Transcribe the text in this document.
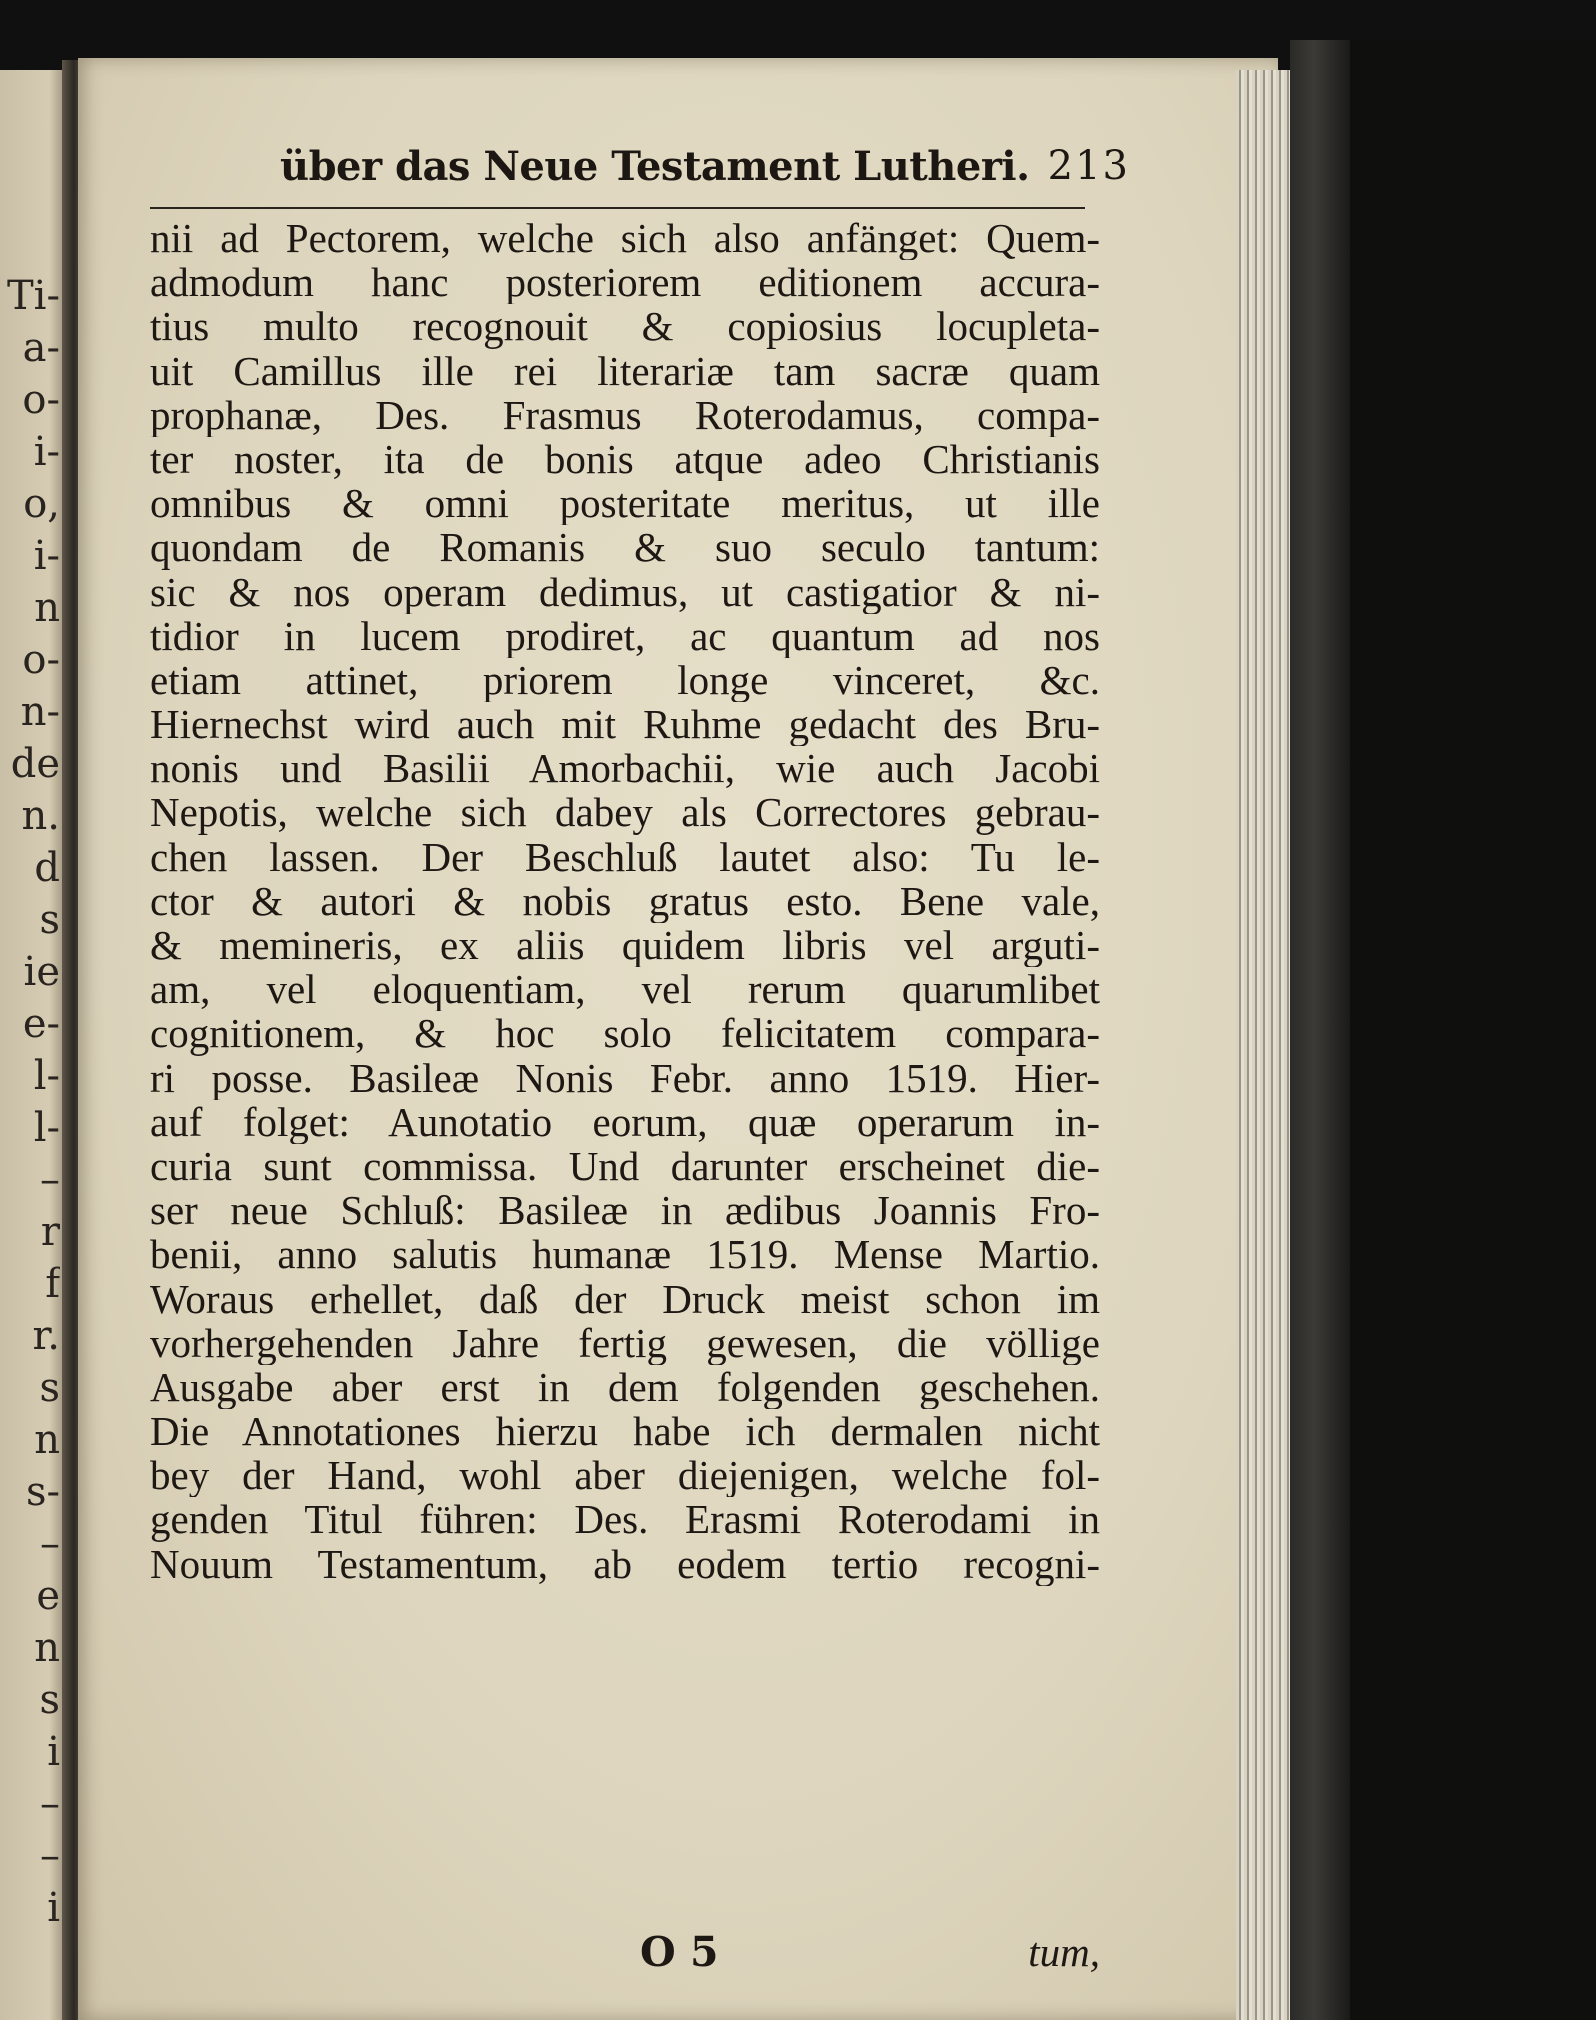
Ti-
a-
o-
i-
o,
i-
n
o-
n-
de
n.
d
s
ie
e-
l-
l-
–
r
f
r.
s
n
s-
–
e
n
s
i
–
–
i
über das Neue Testament Lutheri. 213
nii ad Pectorem, welche sich also anfänget: Quem-
admodum hanc posteriorem editionem accura-
tius multo recognouit & copiosius locupleta-
uit Camillus ille rei literariæ tam sacræ quam
prophanæ, Des. Frasmus Roterodamus, compa-
ter noster, ita de bonis atque adeo Christianis
omnibus & omni posteritate meritus, ut ille
quondam de Romanis & suo seculo tantum:
sic & nos operam dedimus, ut castigatior & ni-
tidior in lucem prodiret, ac quantum ad nos
etiam attinet, priorem longe vinceret, &c.
Hiernechst wird auch mit Ruhme gedacht des Bru-
nonis und Basilii Amorbachii, wie auch Jacobi
Nepotis, welche sich dabey als Correctores gebrau-
chen lassen. Der Beschluß lautet also: Tu le-
ctor & autori & nobis gratus esto. Bene vale,
& memineris, ex aliis quidem libris vel arguti-
am, vel eloquentiam, vel rerum quarumlibet
cognitionem, & hoc solo felicitatem compara-
ri posse. Basileæ Nonis Febr. anno 1519. Hier-
auf folget: Aunotatio eorum, quæ operarum in-
curia sunt commissa. Und darunter erscheinet die-
ser neue Schluß: Basileæ in ædibus Joannis Fro-
benii, anno salutis humanæ 1519. Mense Martio.
Woraus erhellet, daß der Druck meist schon im
vorhergehenden Jahre fertig gewesen, die völlige
Ausgabe aber erst in dem folgenden geschehen.
Die Annotationes hierzu habe ich dermalen nicht
bey der Hand, wohl aber diejenigen, welche fol-
genden Titul führen: Des. Erasmi Roterodami in
Nouum Testamentum, ab eodem tertio recogni-
O 5	tum,
